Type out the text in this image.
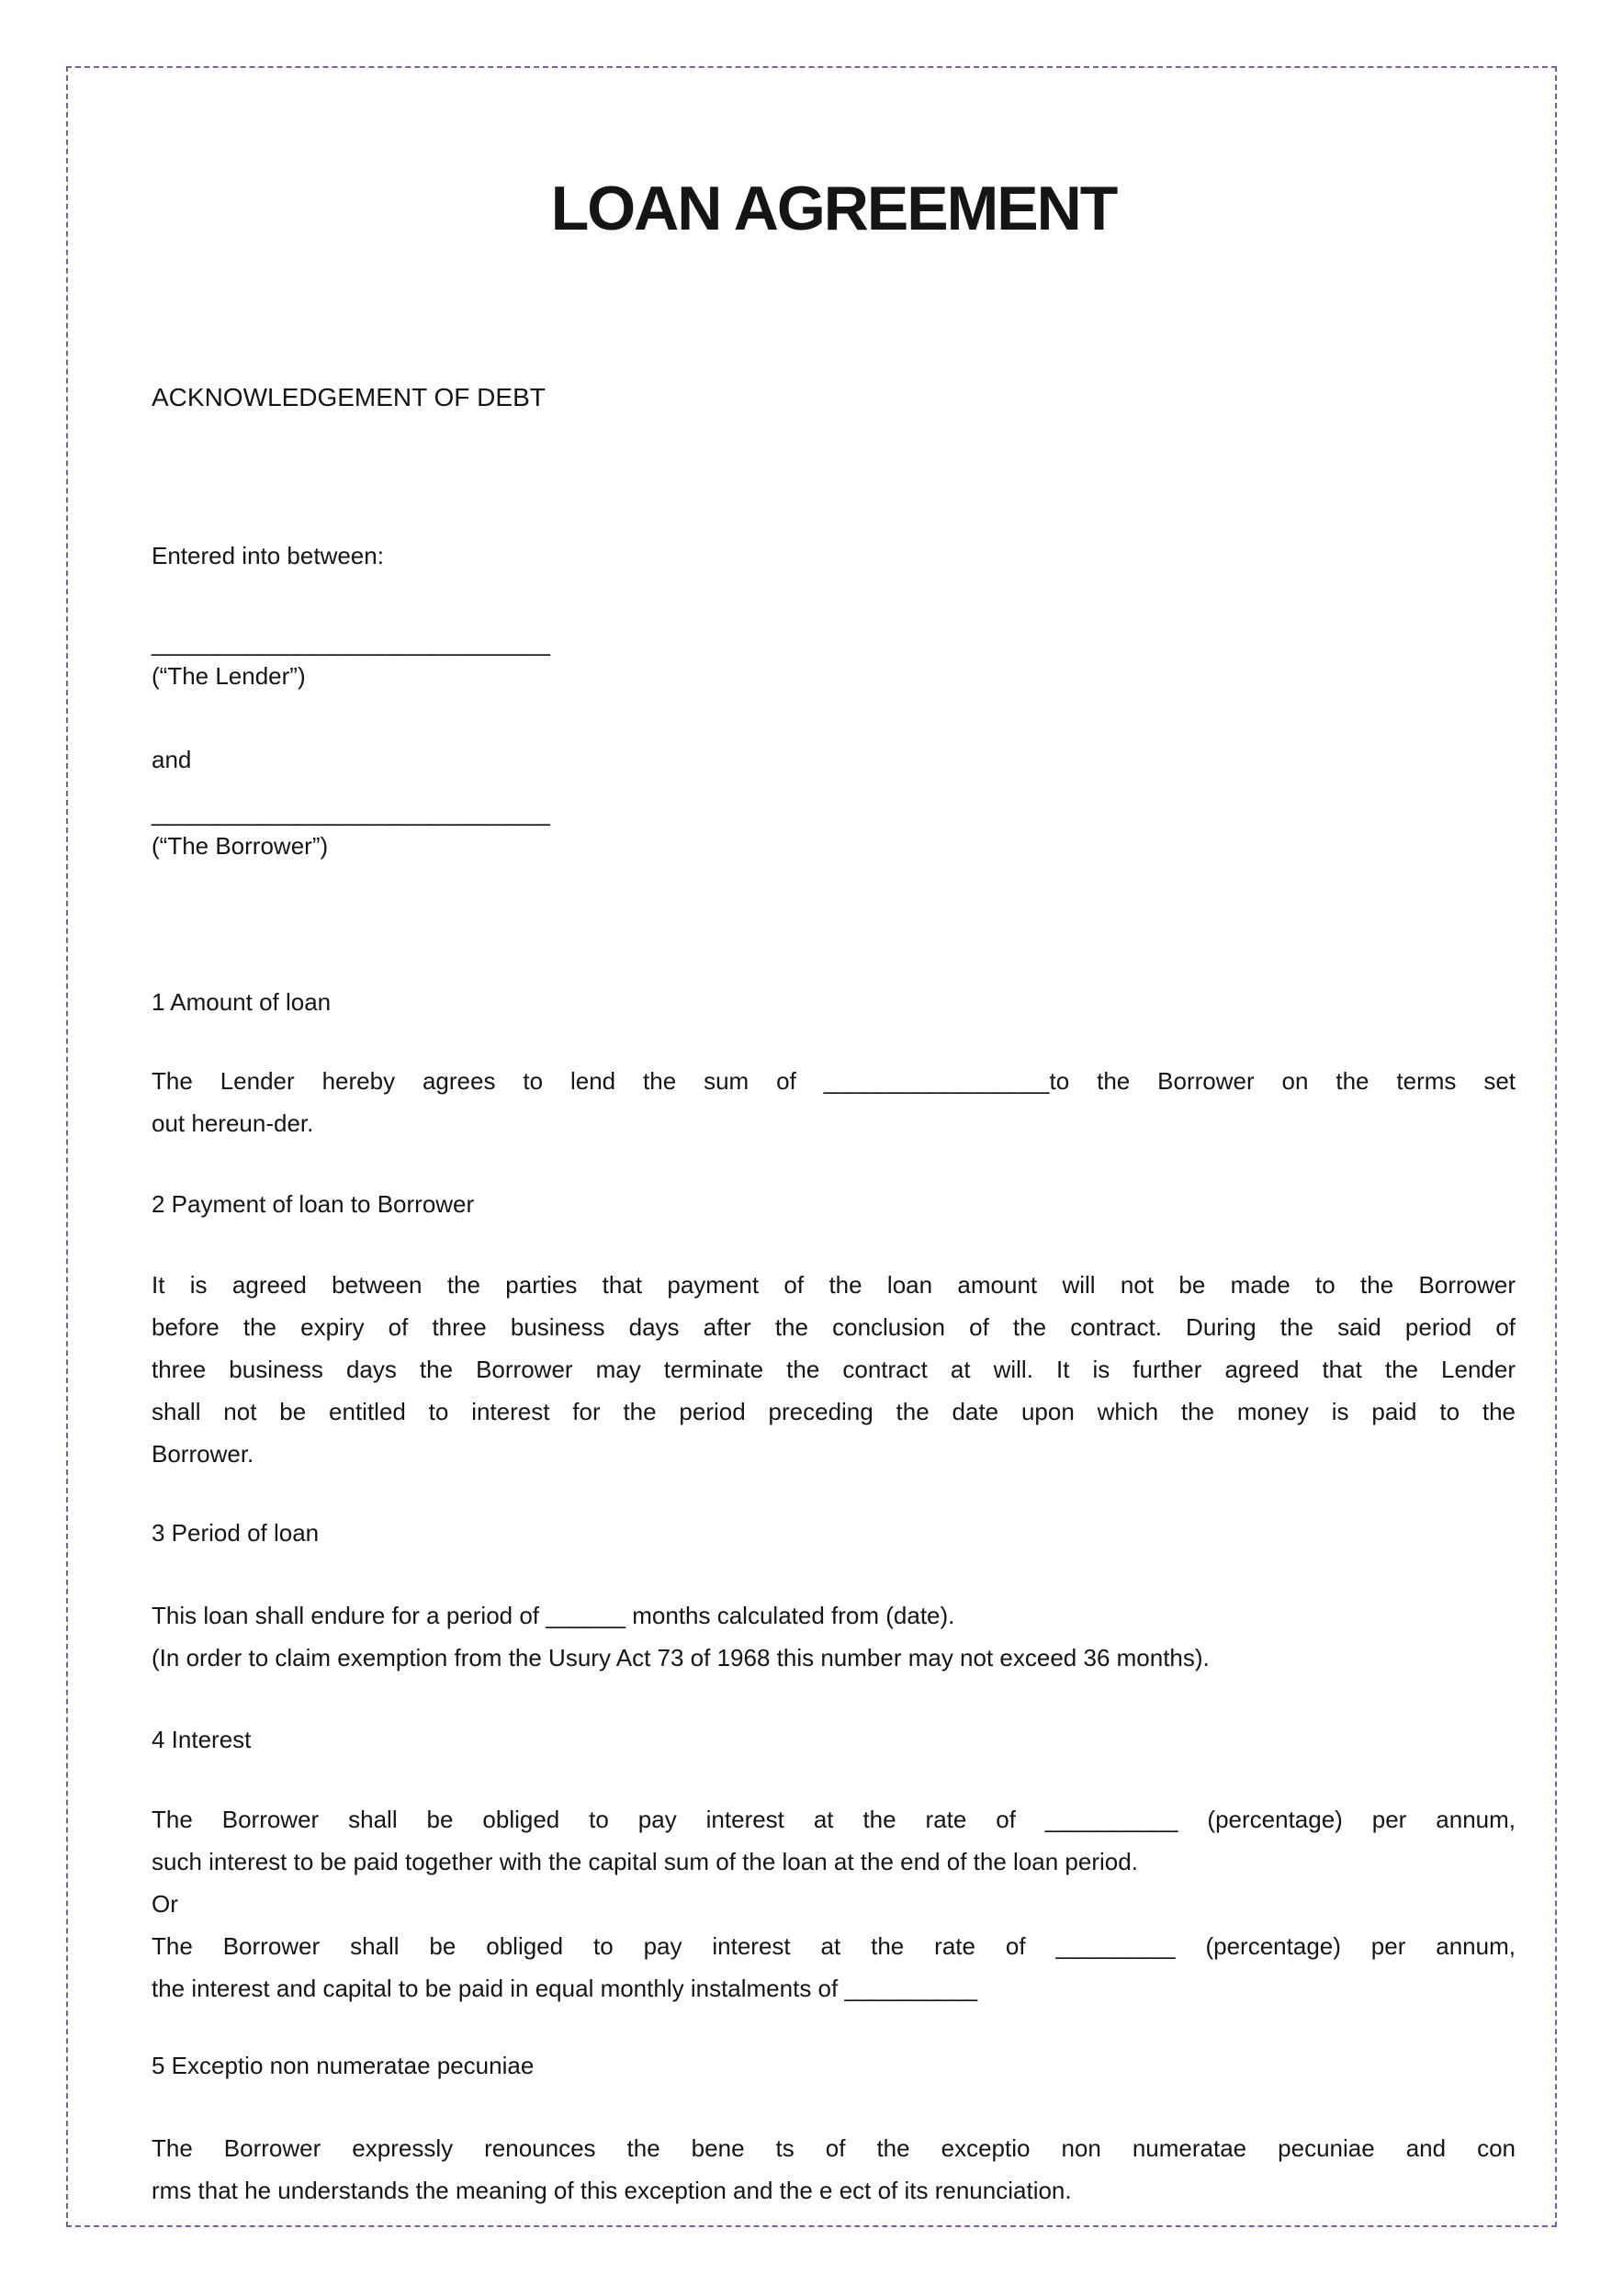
LOAN AGREEMENT
ACKNOWLEDGEMENT OF DEBT
Entered into between:
______________________________
(“The Lender”)
and
______________________________
(“The Borrower”)
1 Amount of loan
The Lender hereby agrees to lend the sum of _________________to the Borrower on the terms set
out hereun-der.
2 Payment of loan to Borrower
It is agreed between the parties that payment of the loan amount will not be made to the Borrower
before the expiry of three business days after the conclusion of the contract. During the said period of
three business days the Borrower may terminate the contract at will. It is further agreed that the Lender
shall not be entitled to interest for the period preceding the date upon which the money is paid to the
Borrower.
3 Period of loan
This loan shall endure for a period of ______ months calculated from (date).
(In order to claim exemption from the Usury Act 73 of 1968 this number may not exceed 36 months).
4 Interest
The Borrower shall be obliged to pay interest at the rate of __________ (percentage) per annum,
such interest to be paid together with the capital sum of the loan at the end of the loan period.
Or
The Borrower shall be obliged to pay interest at the rate of _________ (percentage) per annum,
the interest and capital to be paid in equal monthly instalments of __________
5 Exceptio non numeratae pecuniae
The Borrower expressly renounces the bene ts of the exceptio non numeratae pecuniae and con
rms that he understands the meaning of this exception and the e ect of its renunciation.
